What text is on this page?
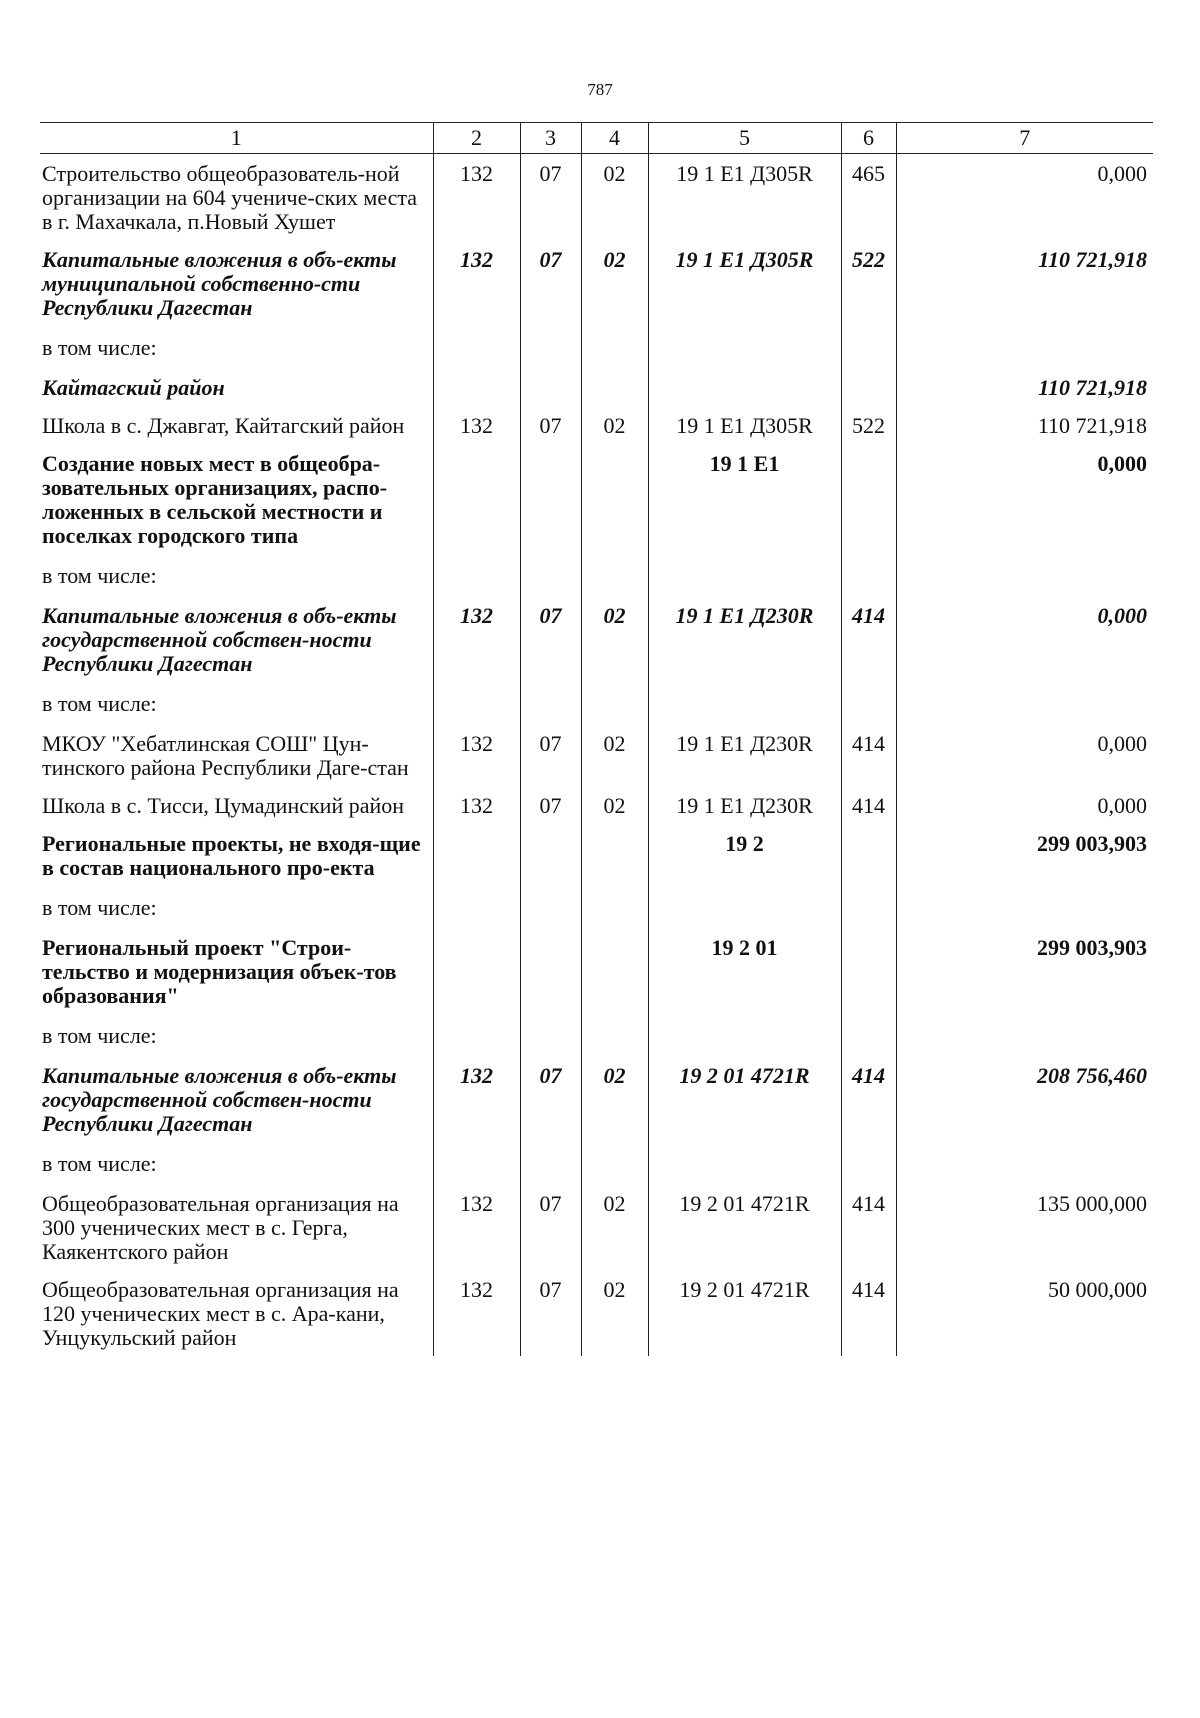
787
1	2	3	4	5	6	7
Строительство общеобразователь-ной организации на 604 учениче-ских места в г. Махачкала, п.Новый Хушет	132	07	02	19 1 E1 Д305R	465	0,000
Капитальные вложения в объ-екты муниципальной собственно-сти Республики Дагестан	132	07	02	19 1 E1 Д305R	522	110 721,918
в том числе:						
Кайтагский район						110 721,918
Школа в с. Джавгат, Кайтагский район	132	07	02	19 1 E1 Д305R	522	110 721,918
Создание новых мест в общеобра-зовательных организациях, распо-ложенных в сельской местности и поселках городского типа				19 1 E1		0,000
в том числе:						
Капитальные вложения в объ-екты государственной собствен-ности Республики Дагестан	132	07	02	19 1 E1 Д230R	414	0,000
в том числе:						
МКОУ "Хебатлинская СОШ" Цун-тинского района Республики Даге-стан	132	07	02	19 1 E1 Д230R	414	0,000
Школа в с. Тисси, Цумадинский район	132	07	02	19 1 E1 Д230R	414	0,000
Региональные проекты, не входя-щие в состав национального про-екта				19 2		299 003,903
в том числе:						
Региональный проект "Строи-тельство и модернизация объек-тов образования"				19 2 01		299 003,903
в том числе:						
Капитальные вложения в объ-екты государственной собствен-ности Республики Дагестан	132	07	02	19 2 01 4721R	414	208 756,460
в том числе:						
Общеобразовательная организация на 300 ученических мест в с. Герга, Каякентского район	132	07	02	19 2 01 4721R	414	135 000,000
Общеобразовательная организация на 120 ученических мест в с. Ара-кани, Унцукульский район	132	07	02	19 2 01 4721R	414	50 000,000
